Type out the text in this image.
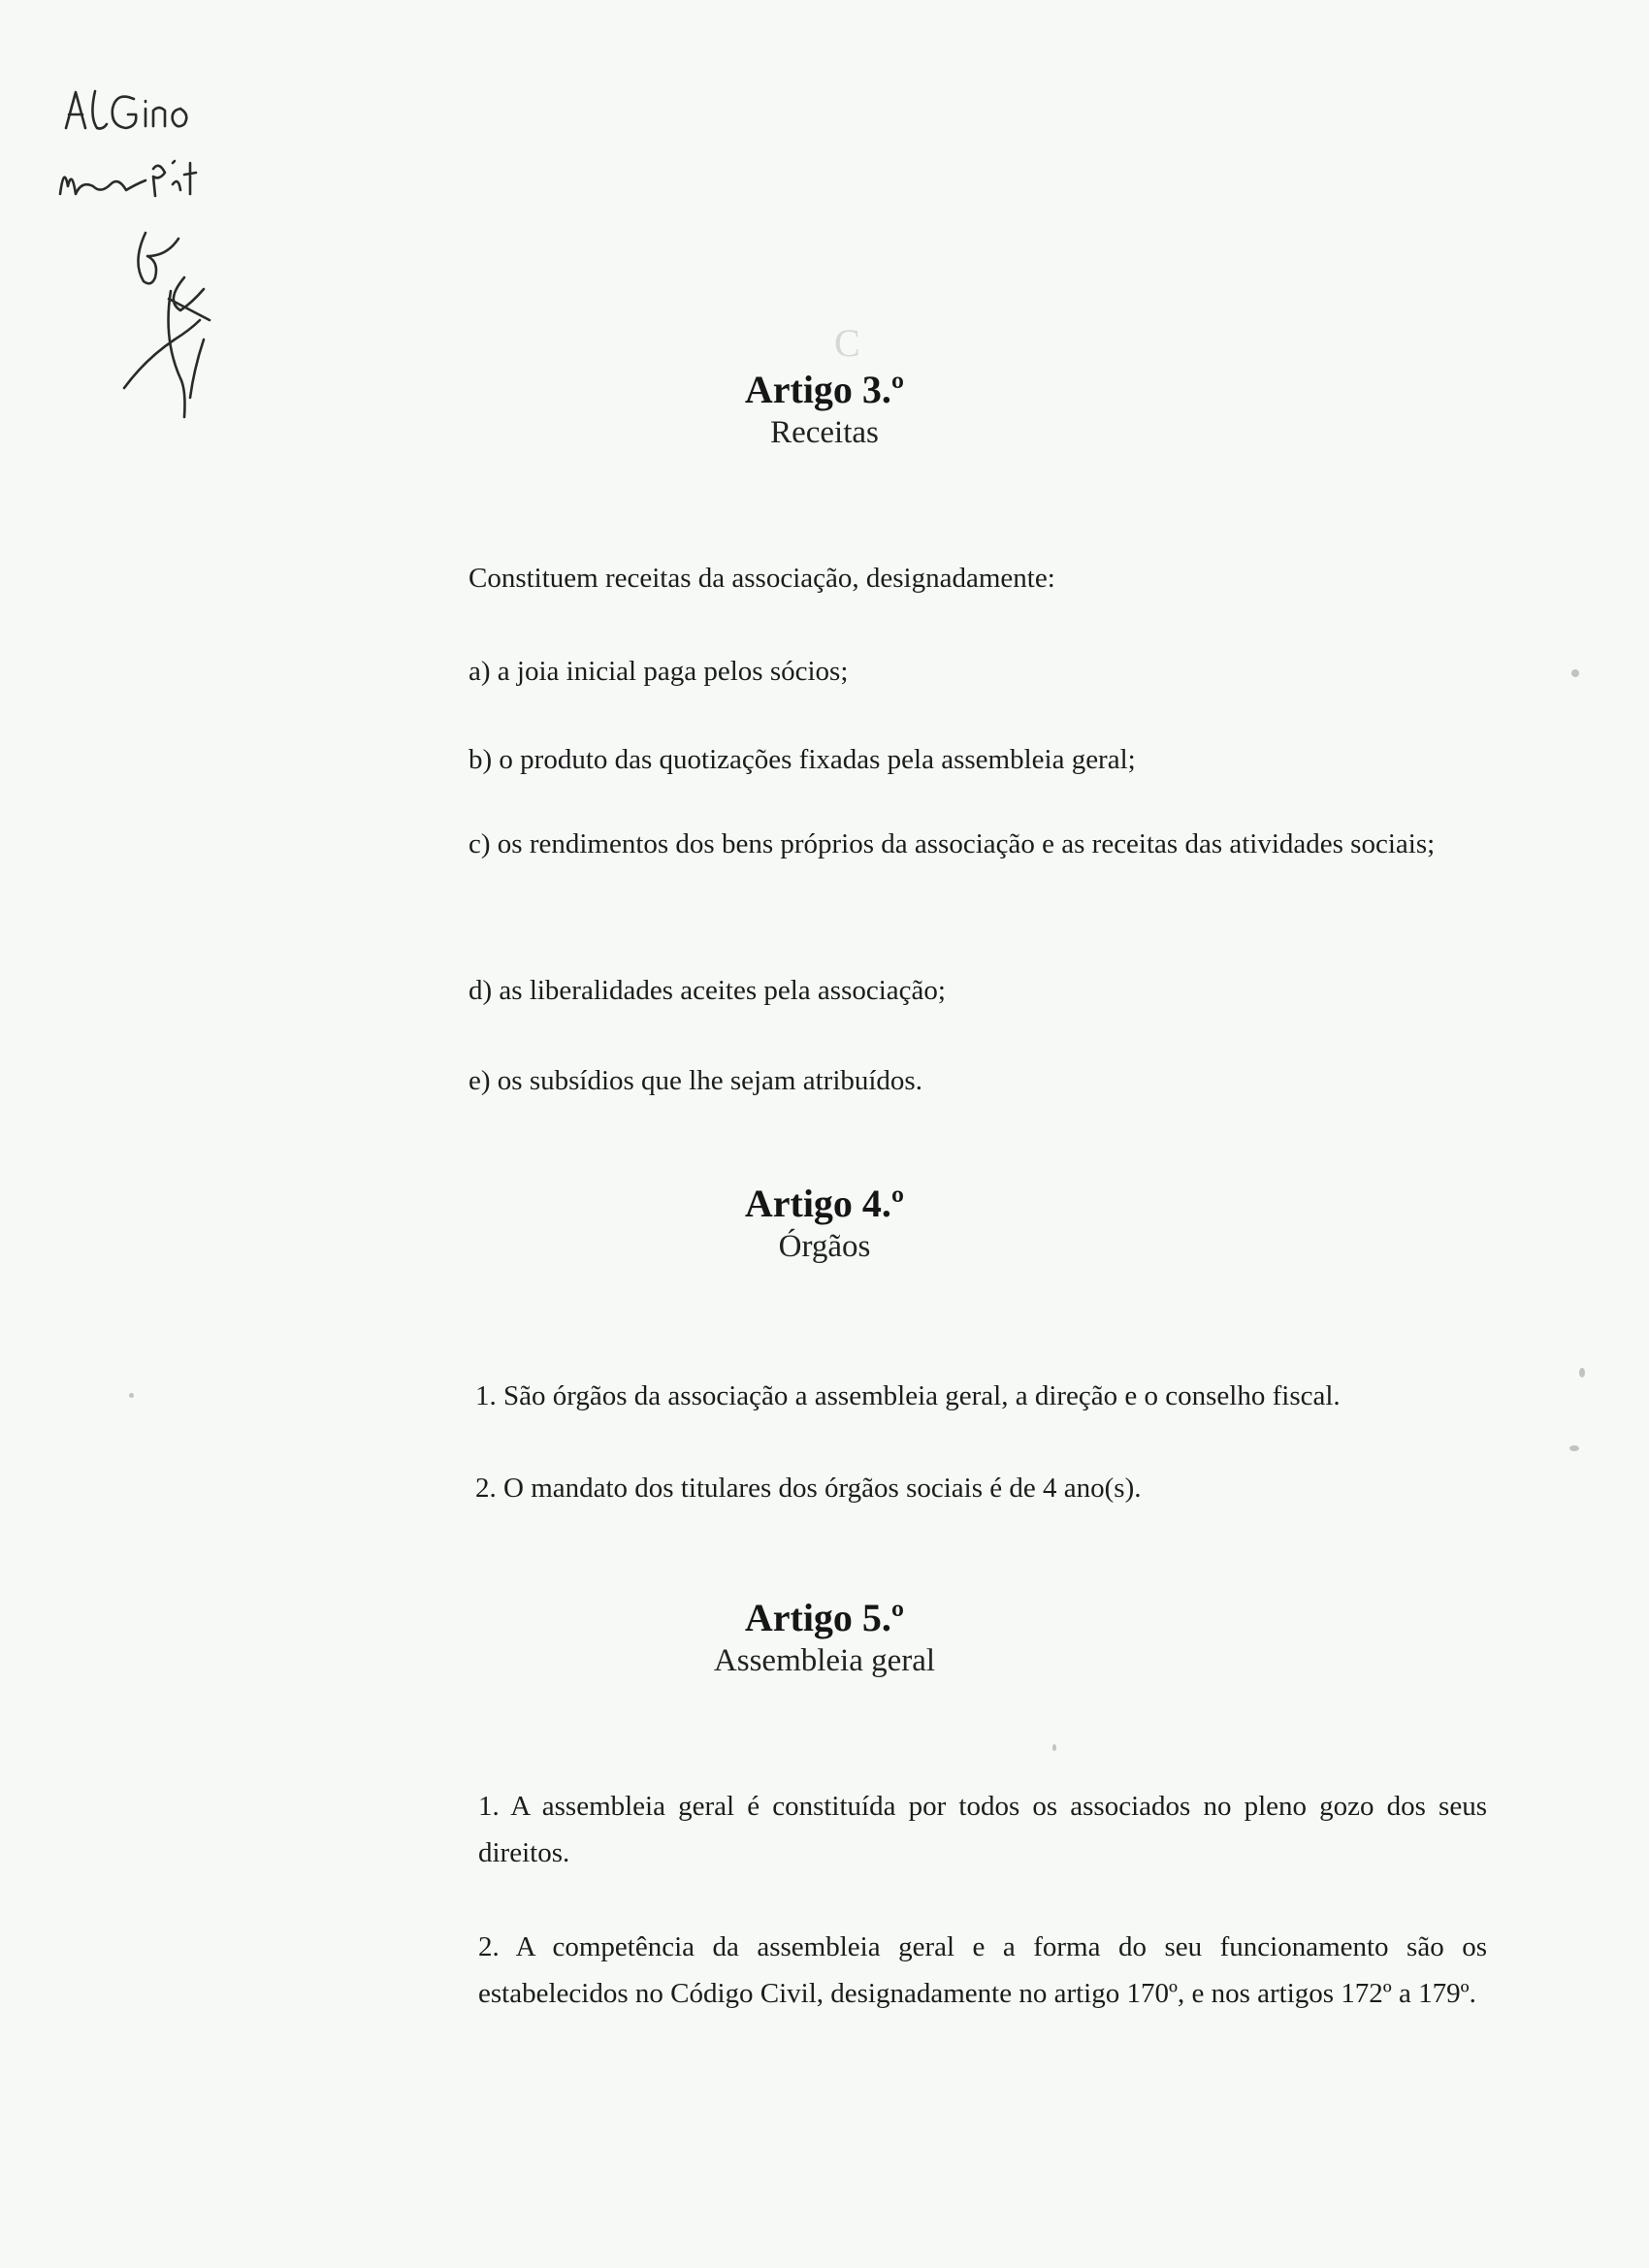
C
Artigo 3.º
Receitas
Constituem receitas da associação, designadamente:
a) a joia inicial paga pelos sócios;
b) o produto das quotizações fixadas pela assembleia geral;
c) os rendimentos dos bens próprios da associação e as receitas das atividades sociais;
d) as liberalidades aceites pela associação;
e) os subsídios que lhe sejam atribuídos.
Artigo 4.º
Órgãos
1. São órgãos da associação a assembleia geral, a direção e o conselho fiscal.
2. O mandato dos titulares dos órgãos sociais é de 4 ano(s).
Artigo 5.º
Assembleia geral
1. A assembleia geral é constituída por todos os associados no pleno gozo dos seus direitos.
2. A competência da assembleia geral e a forma do seu funcionamento são os estabelecidos no Código Civil, designadamente no artigo 170º, e nos artigos 172º a 179º.
